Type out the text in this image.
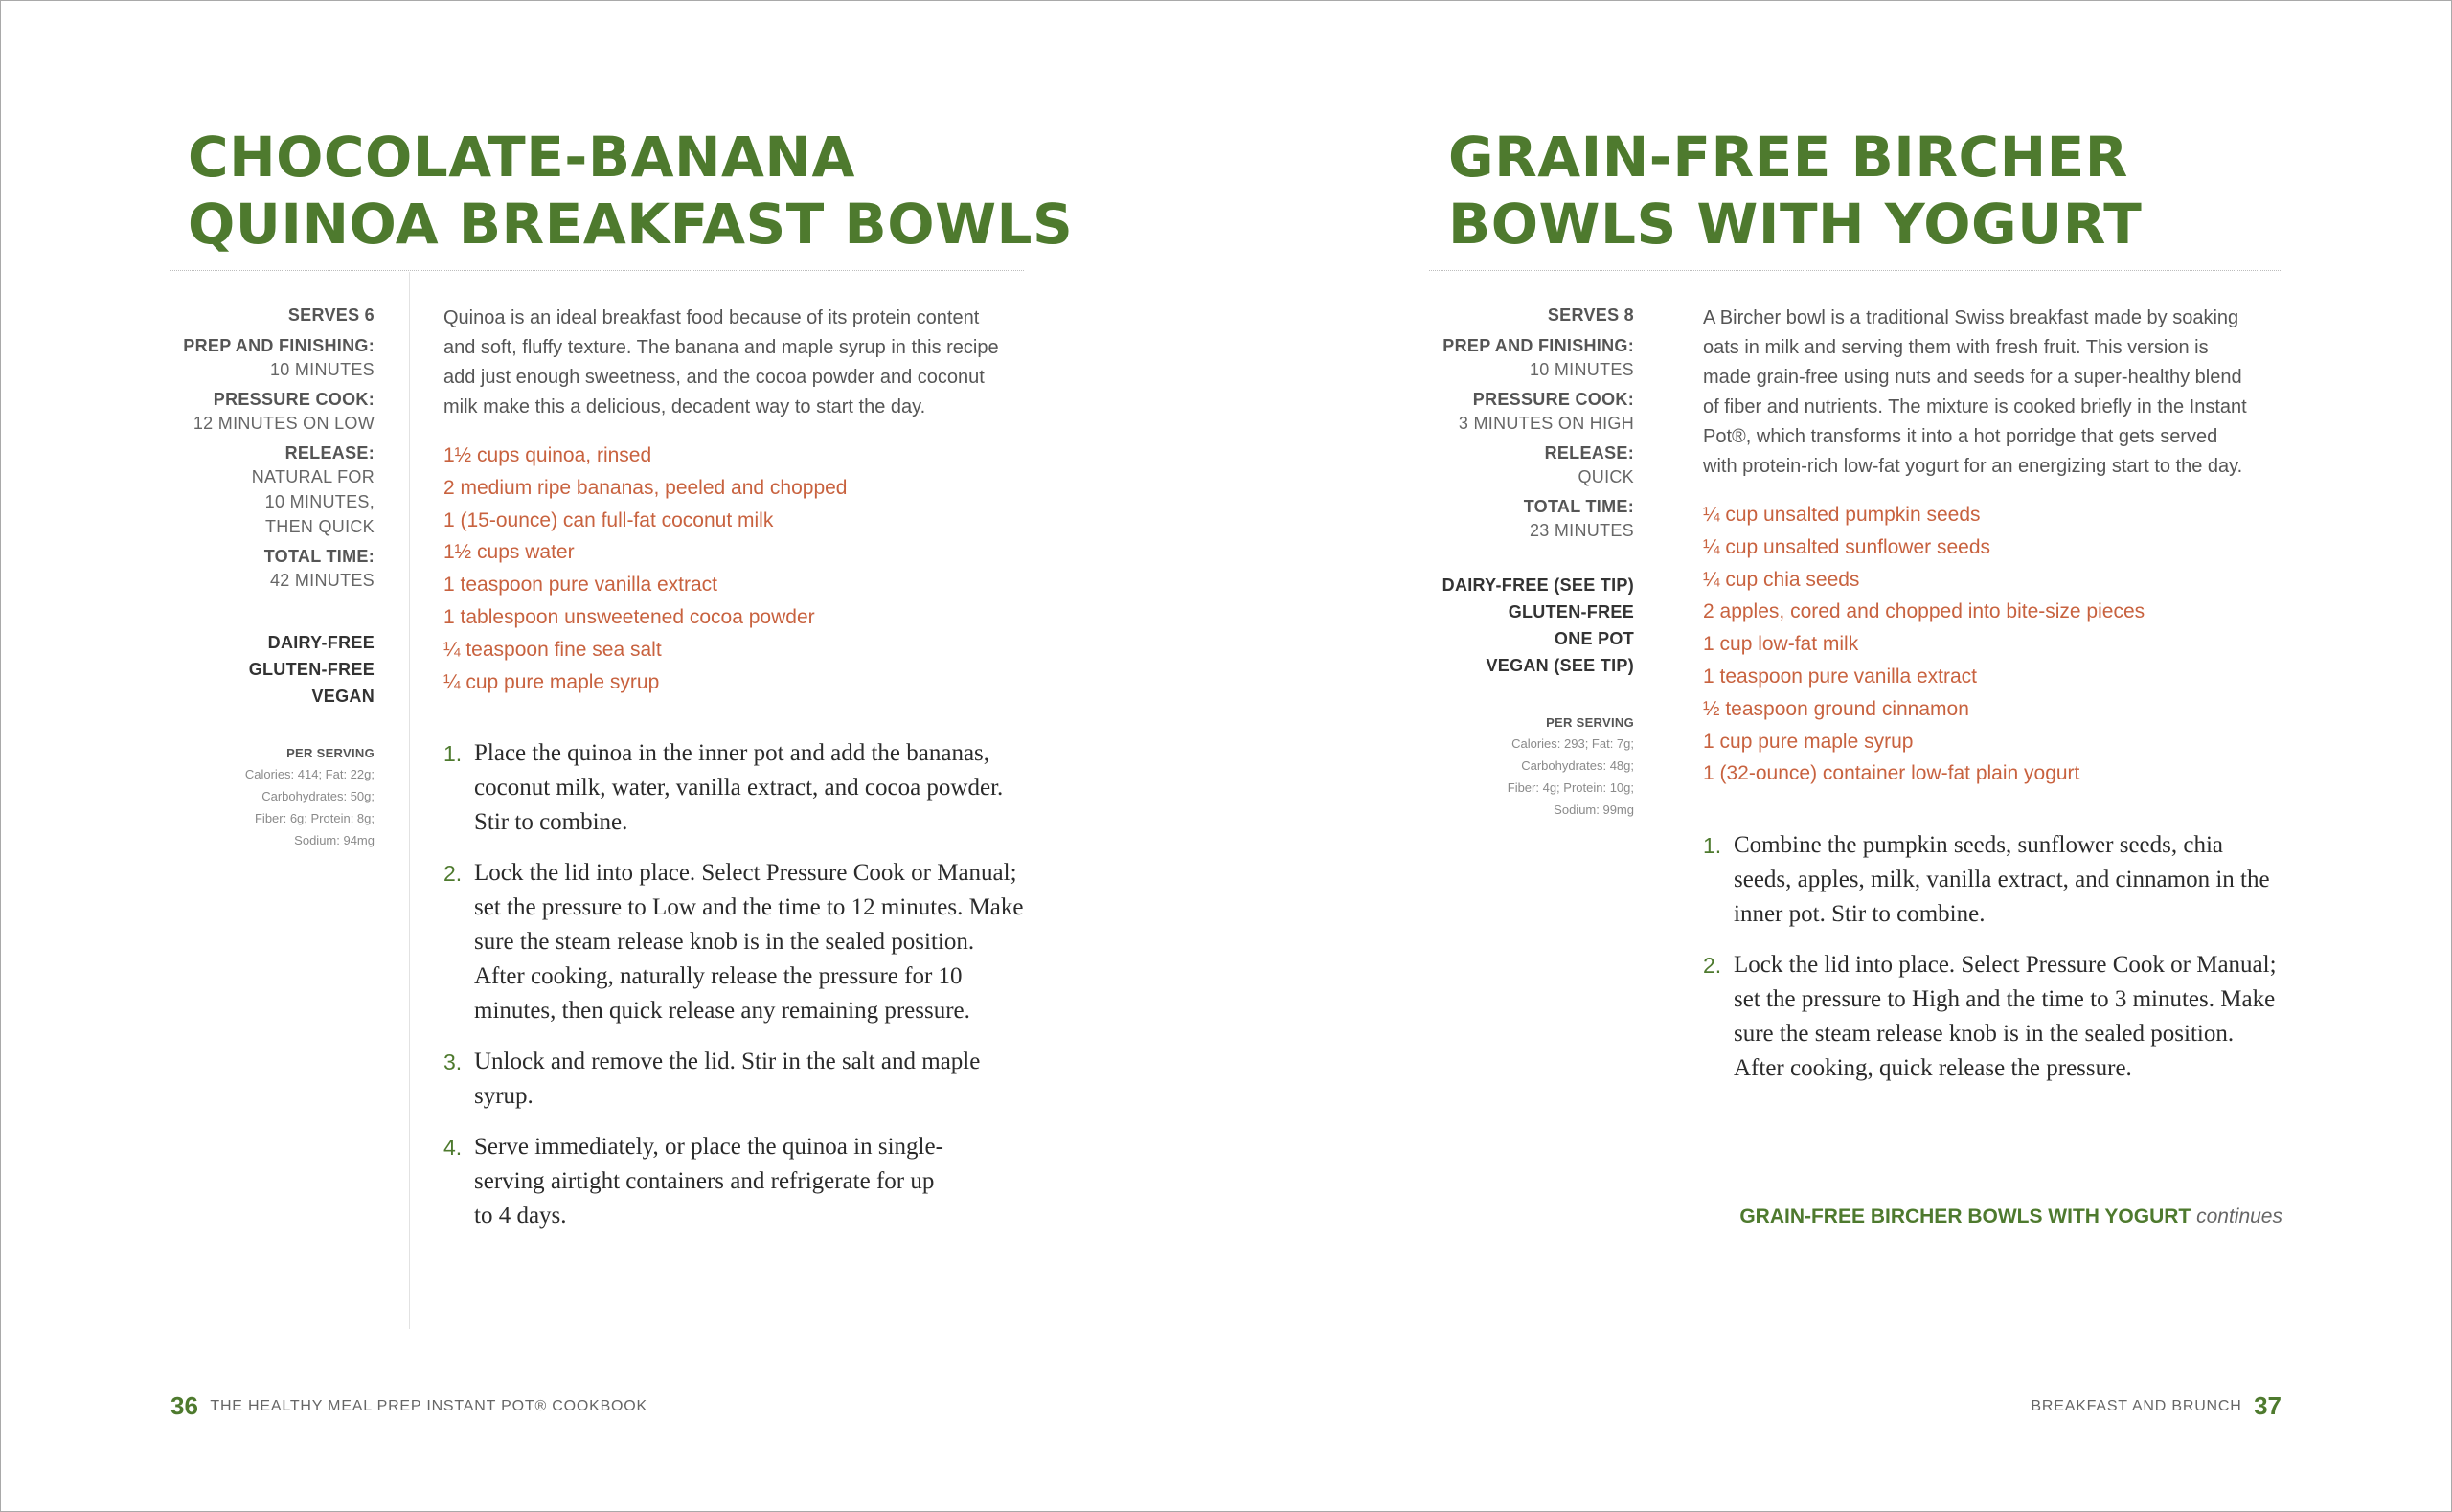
CHOCOLATE-BANANA
QUINOA BREAKFAST BOWLS
SERVES 6
PREP AND FINISHING:
10 MINUTES
PRESSURE COOK:
12 MINUTES ON LOW
RELEASE:
NATURAL FOR
10 MINUTES,
THEN QUICK
TOTAL TIME:
42 MINUTES
DAIRY-FREE
GLUTEN-FREE
VEGAN
PER SERVING
Calories: 414; Fat: 22g;
Carbohydrates: 50g;
Fiber: 6g; Protein: 8g;
Sodium: 94mg

Quinoa is an ideal breakfast food because of its protein content and soft, fluffy texture. The banana and maple syrup in this recipe add just enough sweetness, and the cocoa powder and coconut milk make this a delicious, decadent way to start the day.

1½ cups quinoa, rinsed
2 medium ripe bananas, peeled and chopped
1 (15-ounce) can full-fat coconut milk
1½ cups water
1 teaspoon pure vanilla extract
1 tablespoon unsweetened cocoa powder
¼ teaspoon fine sea salt
¼ cup pure maple syrup
1. Place the quinoa in the inner pot and add the bananas, coconut milk, water, vanilla extract, and cocoa powder. Stir to combine.
2. Lock the lid into place. Select Pressure Cook or Manual; set the pressure to Low and the time to 12 minutes. Make sure the steam release knob is in the sealed position. After cooking, naturally release the pressure for 10 minutes, then quick release any remaining pressure.
3. Unlock and remove the lid. Stir in the salt and maple syrup.
4. Serve immediately, or place the quinoa in single-serving airtight containers and refrigerate for up to 4 days.
36 THE HEALTHY MEAL PREP INSTANT POT® COOKBOOK
GRAIN-FREE BIRCHER
BOWLS WITH YOGURT
SERVES 8
PREP AND FINISHING:
10 MINUTES
PRESSURE COOK:
3 MINUTES ON HIGH
RELEASE:
QUICK
TOTAL TIME:
23 MINUTES
DAIRY-FREE (SEE TIP)
GLUTEN-FREE
ONE POT
VEGAN (SEE TIP)
PER SERVING
Calories: 293; Fat: 7g;
Carbohydrates: 48g;
Fiber: 4g; Protein: 10g;
Sodium: 99mg

A Bircher bowl is a traditional Swiss breakfast made by soaking oats in milk and serving them with fresh fruit. This version is made grain-free using nuts and seeds for a super-healthy blend of fiber and nutrients. The mixture is cooked briefly in the Instant Pot®, which transforms it into a hot porridge that gets served with protein-rich low-fat yogurt for an energizing start to the day.

¼ cup unsalted pumpkin seeds
¼ cup unsalted sunflower seeds
¼ cup chia seeds
2 apples, cored and chopped into bite-size pieces
1 cup low-fat milk
1 teaspoon pure vanilla extract
½ teaspoon ground cinnamon
1 cup pure maple syrup
1 (32-ounce) container low-fat plain yogurt
1. Combine the pumpkin seeds, sunflower seeds, chia seeds, apples, milk, vanilla extract, and cinnamon in the inner pot. Stir to combine.
2. Lock the lid into place. Select Pressure Cook or Manual; set the pressure to High and the time to 3 minutes. Make sure the steam release knob is in the sealed position. After cooking, quick release the pressure.
GRAIN-FREE BIRCHER BOWLS WITH YOGURT continues
BREAKFAST AND BRUNCH 37
